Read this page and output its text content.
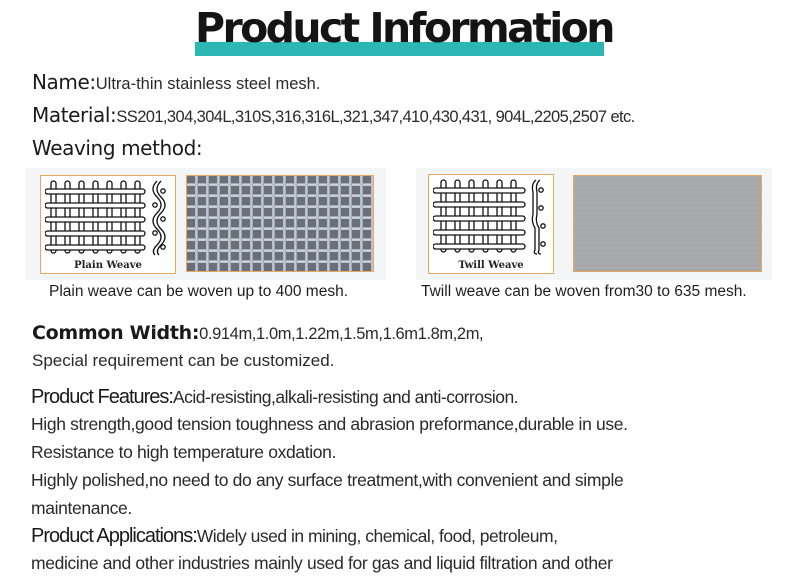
Product Information
Name:Ultra-thin stainless steel mesh.
Material:SS201,304,304L,310S,316,316L,321,347,410,430,431, 904L,2205,2507 etc.
Weaving method:
Plain Weave
Plain weave can be woven up to 400 mesh.
Twill Weave
Twill weave can be woven from30 to 635 mesh.
Common Width:0.914m,1.0m,1.22m,1.5m,1.6m1.8m,2m,
Special requirement can be customized.
Product Features:Acid-resisting,alkali-resisting and anti-corrosion.
High strength,good tension toughness and abrasion preformance,durable in use.
Resistance to high temperature oxdation.
Highly polished,no need to do any surface treatment,with convenient and simple
maintenance.
Product Applications:Widely used in mining, chemical, food, petroleum,
medicine and other industries mainly used for gas and liquid filtration and other
